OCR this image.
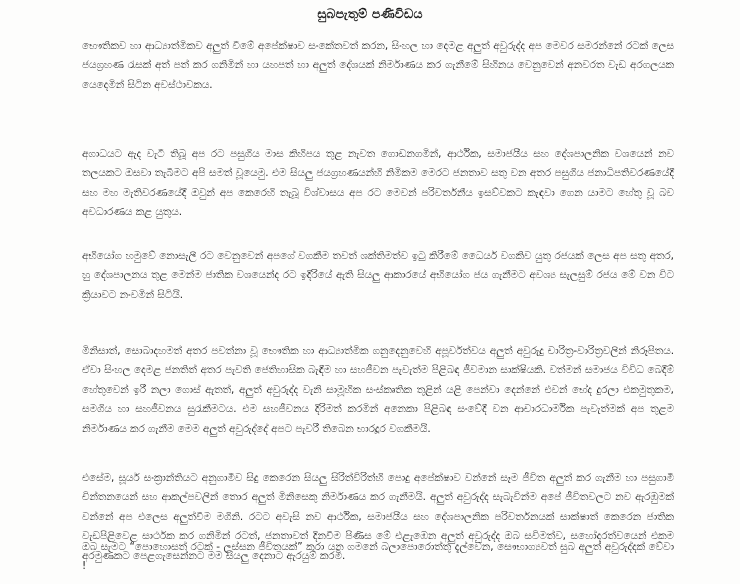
සුබපැතුම් පණිවිඩය
භෞතිකව හා ආධ්‍යාත්මිකව අලුත් වීමේ අපේක්ෂාව සංකේතවත් කරන, සිංහල හා දෙමළ අලුත් අවුරුද්ද අප මෙවර සමරන්නේ රටක් ලෙස ජයග්‍රහණ රැසක් අත් පත් කර ගනිමින් හා යහපත් හා අලුත් දේශයක් නිර්මාණය කර ගැනීමේ සිහිනය වෙනුවෙන් අනවරත වැඩ අරගලයක යෙදෙමින් සිටින අවස්ථාවකය.
අගාධයට ඇද වැටී තිබූ අප රට පසුගිය මාස කිහිපය තුළ නැවත ගොඩනගමින්, ආර්ථික, සමාජයීය සහ දේශපාලනික වශයෙන් නව තලයකට ඔසවා තැබීමට අපි සමත් වූයෙමු. එම සියලු ජයග්‍රහණයන්හි නිමිකම මෙරට ජනතාව සතු වන අතර පසුගිය ජනාධිපතිවරණයේදී සහ මහ මැතිවරණයේදී ඔවුන් අප කෙරෙහි තැබූ විශ්වාසය අප රට මෙවන් පරිවර්තනීය ඉසව්වකට කැඳවා ගෙන යාමට හේතු වූ බව අවධාරණය කළ යුතුය.
අභියෝග හමුවේ නොසැලී රට වෙනුවෙන් අපගේ වගකීම තවත් ශක්තිමත්ව ඉටු කිරීමේ ධෛර්ය වගකිව යුතු රජයක් ලෙස අප සතු අතර, හු දේශපාලනය තුළ මෙන්ම ජාතික වශයෙන්ද රට ඉදිරියේ ඇති සියලු ආකාරයේ අභියෝග ජය ගැනීමට අවශ්‍ය සැලසුම් රජය මේ වන විට ක්‍රියාවට නංවමින් සිටියි.
මිනිසාත්, සොබාදහමත් අතර පවත්නා වූ භෞතික හා ආධ්‍යාත්මික ගනුදෙනුවෙහි අපූර්වත්වය අලුත් අවුරුදු චාරිත්‍ර-වාරිත්‍රවලින් නිරූපිතය. ඒවා සිංහල දෙමළ ජනතිත් අතර පැවති ජෙතිහාසික බැඳීම හා සහජීවන පැවැත්ම පිළිබඳ ජීවමාන සාක්ෂියකි. වත්මන් සමාජය විවිධ බෙදීම් හේතුවෙන් ඉරී නලා ගොස් ඇතත්, අලුත් අවුරුද්ද වැනි සාමූහික සංස්කෘතික තුළින් යළි පෙන්වා දෙන්නේ එවන් භේද දුරලා එකමුතුකම, සමගිය හා සහජීවනය සුරැකීමටය. එම සහජීවනය දිරිමත් කරමින් අනෙකා පිළිබඳ සංවේදී වන ආචාරධාර්මික පැවැත්මක් අප තුළම නිර්මාණය කර ගැනීම මෙම අලුත් අවුරුද්දේ අපට පැවරී තිබෙන භාරදූර වගකීමයි.
එසේම, සූර්ය සංක්‍රාන්තියට අනුගාමීව සිදු කෙරෙන සියලු සිරිත්විරිත්හි පොදු අපේක්ෂාව වන්නේ සෑම ජීවිත අලුත් කර ගැනීම හා පසුගාමී චින්තනයෙන් සහ ආකල්පවලින් තොර අලුත් මිනිසෙකු නිර්මාණය කර ගැනීමයි. අලුත් අවුරුද්ද සැබැවින්ම අපේ ජීවිතවලට නව ඇරඹුමක් වන්නේ අප එලෙස අලුත්වීම මගිනි. රටට අවැසි නව ආර්ථික, සමාජයීය සහ දේශපාලනික පරිවර්තනයක් සාක්ෂාත් කෙරෙන ජාතික වැඩපිළිවෙළ සාර්ථක කර ගනිමින් රටත්, ජනතාවත් දිනවීම පිණිස මේ එළැඹෙන අලුත් අවුරුද්ද ඔබ සවිමත්ව, සහෝදරත්වයෙන් එකම අරමුණකට පෙළගැසෙන්නට මම සියලු දෙනාට ඇරයුම් කරමි.
ඔබ සැමට “පොහොසත් රටක් - ලස්සන ජීවිතයක්” කරා යන ගමනේ බලාපොරොත්තු දැල්වෙන, සෞභාග්‍යවත් සුබ අලුත් අවුරුද්දක් වේවා !
